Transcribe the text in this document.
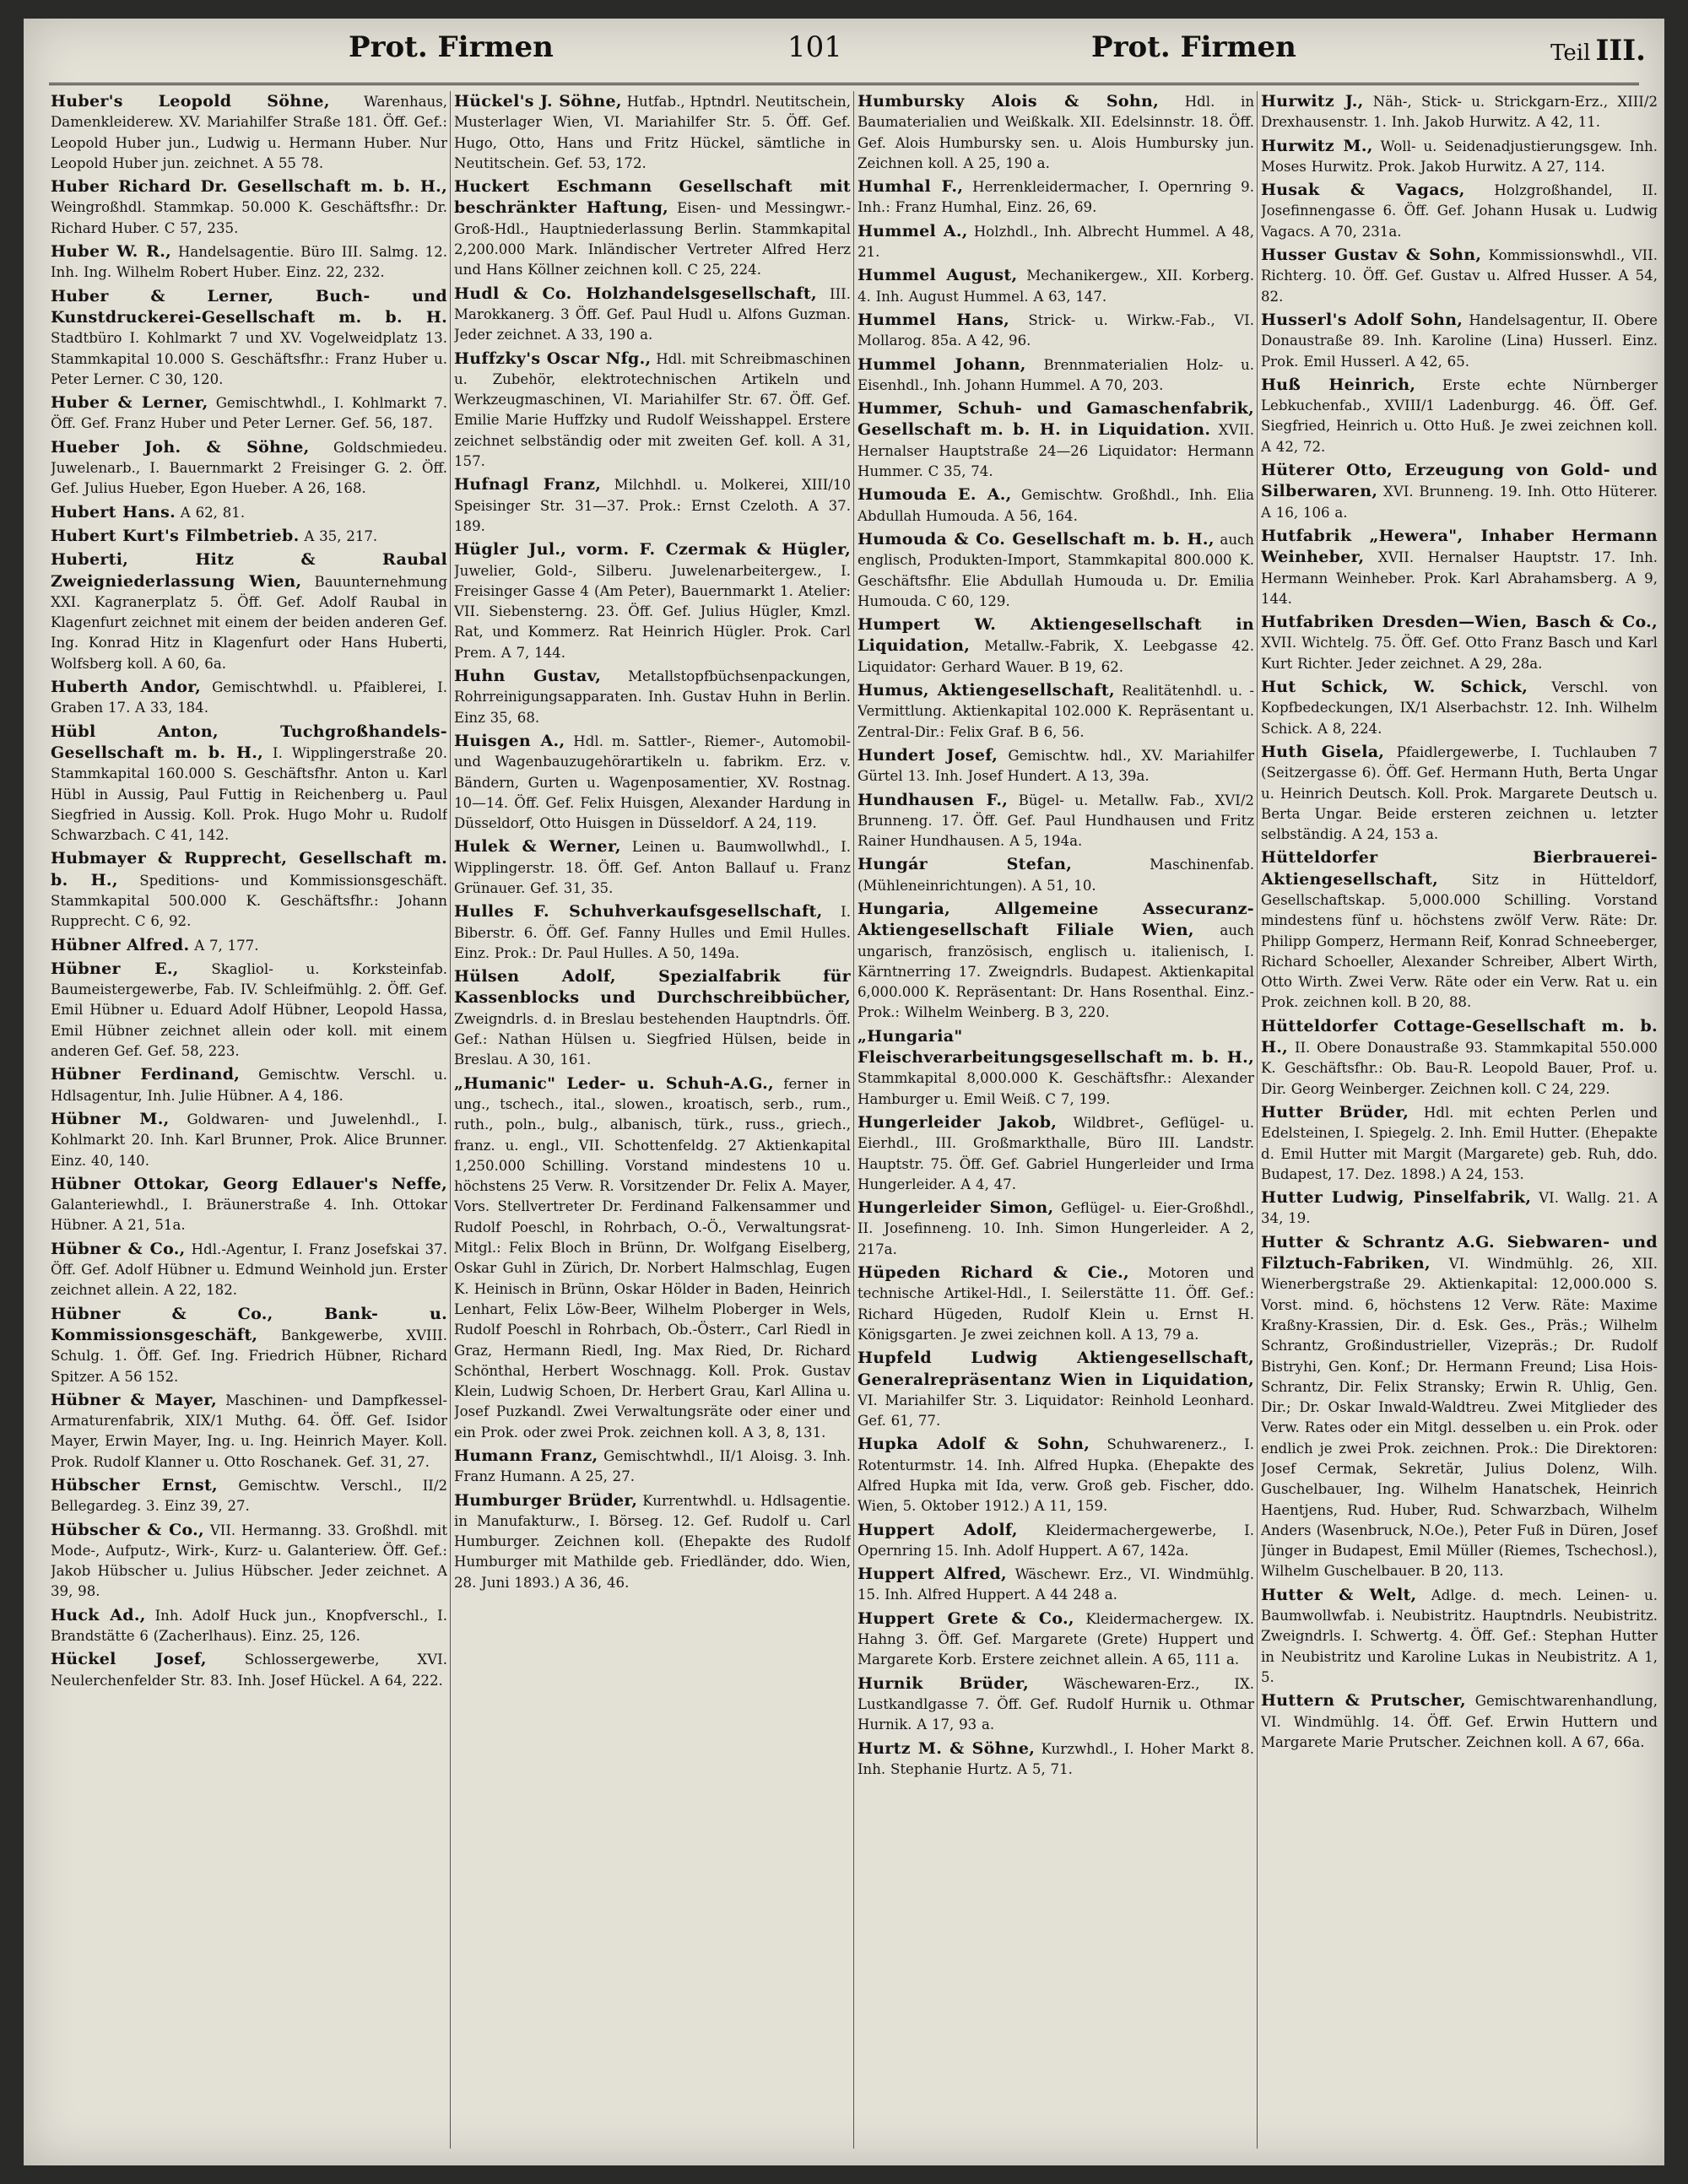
Prot. Firmen	101	Prot. Firmen	Teil III.

Huber's Leopold Söhne, Warenhaus, Damenkleiderew. XV. Mariahilfer Straße 181. Öff. Gef.: Leopold Huber jun., Ludwig u. Hermann Huber. Nur Leopold Huber jun. zeichnet. A 55 78.

Huber Richard Dr. Gesellschaft m. b. H., Weingroßhdl. Stammkap. 50.000 K. Geschäftsfhr.: Dr. Richard Huber. C 57, 235.

Huber W. R., Handelsagentie. Büro III. Salmg. 12. Inh. Ing. Wilhelm Robert Huber. Einz. 22, 232.

Huber & Lerner, Buch- und Kunstdruckerei-Gesellschaft m. b. H. Stadtbüro I. Kohlmarkt 7 und XV. Vogelweidplatz 13. Stammkapital 10.000 S. Geschäftsfhr.: Franz Huber u. Peter Lerner. C 30, 120.

Huber & Lerner, Gemischtwhdl., I. Kohlmarkt 7. Öff. Gef. Franz Huber und Peter Lerner. Gef. 56, 187.

Hueber Joh. & Söhne, Goldschmiedeu. Juwelenarb., I. Bauernmarkt 2 Freisinger G. 2. Öff. Gef. Julius Hueber, Egon Hueber. A 26, 168.

Hubert Hans. A 62, 81.

Hubert Kurt's Filmbetrieb. A 35, 217.

Huberti, Hitz & Raubal Zweigniederlassung Wien, Bauunternehmung XXI. Kagranerplatz 5. Öff. Gef. Adolf Raubal in Klagenfurt zeichnet mit einem der beiden anderen Gef. Ing. Konrad Hitz in Klagenfurt oder Hans Huberti, Wolfsberg koll. A 60, 6a.

Huberth Andor, Gemischtwhdl. u. Pfaiblerei, I. Graben 17. A 33, 184.

Hübl Anton, Tuchgroßhandels-Gesellschaft m. b. H., I. Wipplingerstraße 20. Stammkapital 160.000 S. Geschäftsfhr. Anton u. Karl Hübl in Aussig, Paul Futtig in Reichenberg u. Paul Siegfried in Aussig. Koll. Prok. Hugo Mohr u. Rudolf Schwarzbach. C 41, 142.

Hubmayer & Rupprecht, Gesellschaft m. b. H., Speditions- und Kommissionsgeschäft. Stammkapital 500.000 K. Geschäftsfhr.: Johann Rupprecht. C 6, 92.

Hübner Alfred. A 7, 177.

Hübner E., Skagliol- u. Korksteinfab. Baumeistergewerbe, Fab. IV. Schleifmühlg. 2. Öff. Gef. Emil Hübner u. Eduard Adolf Hübner, Leopold Hassa, Emil Hübner zeichnet allein oder koll. mit einem anderen Gef. Gef. 58, 223.

Hübner Ferdinand, Gemischtw. Verschl. u. Hdlsagentur, Inh. Julie Hübner. A 4, 186.

Hübner M., Goldwaren- und Juwelenhdl., I. Kohlmarkt 20. Inh. Karl Brunner, Prok. Alice Brunner. Einz. 40, 140.

Hübner Ottokar, Georg Edlauer's Neffe, Galanteriewhdl., I. Bräunerstraße 4. Inh. Ottokar Hübner. A 21, 51a.

Hübner & Co., Hdl.-Agentur, I. Franz Josefskai 37. Öff. Gef. Adolf Hübner u. Edmund Weinhold jun. Erster zeichnet allein. A 22, 182.

Hübner & Co., Bank- u. Kommissionsgeschäft, Bankgewerbe, XVIII. Schulg. 1. Öff. Gef. Ing. Friedrich Hübner, Richard Spitzer. A 56 152.

Hübner & Mayer, Maschinen- und Dampfkessel-Armaturenfabrik, XIX/1 Muthg. 64. Öff. Gef. Isidor Mayer, Erwin Mayer, Ing. u. Ing. Heinrich Mayer. Koll. Prok. Rudolf Klanner u. Otto Roschanek. Gef. 31, 27.

Hübscher Ernst, Gemischtw. Verschl., II/2 Bellegardeg. 3. Einz 39, 27.

Hübscher & Co., VII. Hermanng. 33. Großhdl. mit Mode-, Aufputz-, Wirk-, Kurz- u. Galanteriew. Öff. Gef.: Jakob Hübscher u. Julius Hübscher. Jeder zeichnet. A 39, 98.

Huck Ad., Inh. Adolf Huck jun., Knopfverschl., I. Brandstätte 6 (Zacherlhaus). Einz. 25, 126.

Hückel Josef, Schlossergewerbe, XVI. Neulerchenfelder Str. 83. Inh. Josef Hückel. A 64, 222.

Hückel's J. Söhne, Hutfab., Hptndrl. Neutitschein, Musterlager Wien, VI. Mariahilfer Str. 5. Öff. Gef. Hugo, Otto, Hans und Fritz Hückel, sämtliche in Neutitschein. Gef. 53, 172.

Huckert Eschmann Gesellschaft mit beschränkter Haftung, Eisen- und Messingwr.-Groß-Hdl., Hauptniederlassung Berlin. Stammkapital 2,200.000 Mark. Inländischer Vertreter Alfred Herz und Hans Köllner zeichnen koll. C 25, 224.

Hudl & Co. Holzhandelsgesellschaft, III. Marokkanerg. 3 Öff. Gef. Paul Hudl u. Alfons Guzman. Jeder zeichnet. A 33, 190 a.

Huffzky's Oscar Nfg., Hdl. mit Schreibmaschinen u. Zubehör, elektrotechnischen Artikeln und Werkzeugmaschinen, VI. Mariahilfer Str. 67. Öff. Gef. Emilie Marie Huffzky und Rudolf Weisshappel. Erstere zeichnet selbständig oder mit zweiten Gef. koll. A 31, 157.

Hufnagl Franz, Milchhdl. u. Molkerei, XIII/10 Speisinger Str. 31—37. Prok.: Ernst Czeloth. A 37. 189.

Hügler Jul., vorm. F. Czermak & Hügler, Juwelier, Gold-, Silberu. Juwelenarbeitergew., I. Freisinger Gasse 4 (Am Peter), Bauernmarkt 1. Atelier: VII. Siebensterng. 23. Öff. Gef. Julius Hügler, Kmzl. Rat, und Kommerz. Rat Heinrich Hügler. Prok. Carl Prem. A 7, 144.

Huhn Gustav, Metallstopfbüchsenpackungen, Rohrreinigungsapparaten. Inh. Gustav Huhn in Berlin. Einz 35, 68.

Huisgen A., Hdl. m. Sattler-, Riemer-, Automobil- und Wagenbauzugehörartikeln u. fabrikm. Erz. v. Bändern, Gurten u. Wagenposamentier, XV. Rostnag. 10—14. Öff. Gef. Felix Huisgen, Alexander Hardung in Düsseldorf, Otto Huisgen in Düsseldorf. A 24, 119.

Hulek & Werner, Leinen u. Baumwollwhdl., I. Wipplingerstr. 18. Öff. Gef. Anton Ballauf u. Franz Grünauer. Gef. 31, 35.

Hulles F. Schuhverkaufsgesellschaft, I. Biberstr. 6. Öff. Gef. Fanny Hulles und Emil Hulles. Einz. Prok.: Dr. Paul Hulles. A 50, 149a.

Hülsen Adolf, Spezialfabrik für Kassenblocks und Durchschreibbücher, Zweigndrls. d. in Breslau bestehenden Hauptndrls. Öff. Gef.: Nathan Hülsen u. Siegfried Hülsen, beide in Breslau. A 30, 161.

„Humanic" Leder- u. Schuh-A.G., ferner in ung., tschech., ital., slowen., kroatisch, serb., rum., ruth., poln., bulg., albanisch, türk., russ., griech., franz. u. engl., VII. Schottenfeldg. 27 Aktienkapital 1,250.000 Schilling. Vorstand mindestens 10 u. höchstens 25 Verw. R. Vorsitzender Dr. Felix A. Mayer, Vors. Stellvertreter Dr. Ferdinand Falkensammer und Rudolf Poeschl, in Rohrbach, O.-Ö., Verwaltungsrat-Mitgl.: Felix Bloch in Brünn, Dr. Wolfgang Eiselberg, Oskar Guhl in Zürich, Dr. Norbert Halmschlag, Eugen K. Heinisch in Brünn, Oskar Hölder in Baden, Heinrich Lenhart, Felix Löw-Beer, Wilhelm Ploberger in Wels, Rudolf Poeschl in Rohrbach, Ob.-Österr., Carl Riedl in Graz, Hermann Riedl, Ing. Max Ried, Dr. Richard Schönthal, Herbert Woschnagg. Koll. Prok. Gustav Klein, Ludwig Schoen, Dr. Herbert Grau, Karl Allina u. Josef Puzkandl. Zwei Verwaltungsräte oder einer und ein Prok. oder zwei Prok. zeichnen koll. A 3, 8, 131.

Humann Franz, Gemischtwhdl., II/1 Aloisg. 3. Inh. Franz Humann. A 25, 27.

Humburger Brüder, Kurrentwhdl. u. Hdlsagentie. in Manufakturw., I. Börseg. 12. Gef. Rudolf u. Carl Humburger. Zeichnen koll. (Ehepakte des Rudolf Humburger mit Mathilde geb. Friedländer, ddo. Wien, 28. Juni 1893.) A 36, 46.

Humbursky Alois & Sohn, Hdl. in Baumaterialien und Weißkalk. XII. Edelsinnstr. 18. Öff. Gef. Alois Humbursky sen. u. Alois Humbursky jun. Zeichnen koll. A 25, 190 a.

Humhal F., Herrenkleidermacher, I. Opernring 9. Inh.: Franz Humhal, Einz. 26, 69.

Hummel A., Holzhdl., Inh. Albrecht Hummel. A 48, 21.

Hummel August, Mechanikergew., XII. Korberg. 4. Inh. August Hummel. A 63, 147.

Hummel Hans, Strick- u. Wirkw.-Fab., VI. Mollarog. 85a. A 42, 96.

Hummel Johann, Brennmaterialien Holz- u. Eisenhdl., Inh. Johann Hummel. A 70, 203.

Hummer, Schuh- und Gamaschenfabrik, Gesellschaft m. b. H. in Liquidation. XVII. Hernalser Hauptstraße 24—26 Liquidator: Hermann Hummer. C 35, 74.

Humouda E. A., Gemischtw. Großhdl., Inh. Elia Abdullah Humouda. A 56, 164.

Humouda & Co. Gesellschaft m. b. H., auch englisch, Produkten-Import, Stammkapital 800.000 K. Geschäftsfhr. Elie Abdullah Humouda u. Dr. Emilia Humouda. C 60, 129.

Humpert W. Aktiengesellschaft in Liquidation, Metallw.-Fabrik, X. Leebgasse 42. Liquidator: Gerhard Wauer. B 19, 62.

Humus, Aktiengesellschaft, Realitätenhdl. u. -Vermittlung. Aktienkapital 102.000 K. Repräsentant u. Zentral-Dir.: Felix Graf. B 6, 56.

Hundert Josef, Gemischtw. hdl., XV. Mariahilfer Gürtel 13. Inh. Josef Hundert. A 13, 39a.

Hundhausen F., Bügel- u. Metallw. Fab., XVI/2 Brunneng. 17. Öff. Gef. Paul Hundhausen und Fritz Rainer Hundhausen. A 5, 194a.

Hungár Stefan, Maschinenfab. (Mühleneinrichtungen). A 51, 10.

Hungaria, Allgemeine Assecuranz-Aktiengesellschaft Filiale Wien, auch ungarisch, französisch, englisch u. italienisch, I. Kärntnerring 17. Zweigndrls. Budapest. Aktienkapital 6,000.000 K. Repräsentant: Dr. Hans Rosenthal. Einz.-Prok.: Wilhelm Weinberg. B 3, 220.

„Hungaria" Fleischverarbeitungsgesellschaft m. b. H., Stammkapital 8,000.000 K. Geschäftsfhr.: Alexander Hamburger u. Emil Weiß. C 7, 199.

Hungerleider Jakob, Wildbret-, Geflügel- u. Eierhdl., III. Großmarkthalle, Büro III. Landstr. Hauptstr. 75. Öff. Gef. Gabriel Hungerleider und Irma Hungerleider. A 4, 47.

Hungerleider Simon, Geflügel- u. Eier-Großhdl., II. Josefinneng. 10. Inh. Simon Hungerleider. A 2, 217a.

Hüpeden Richard & Cie., Motoren und technische Artikel-Hdl., I. Seilerstätte 11. Öff. Gef.: Richard Hügeden, Rudolf Klein u. Ernst H. Königsgarten. Je zwei zeichnen koll. A 13, 79 a.

Hupfeld Ludwig Aktiengesellschaft, Generalrepräsentanz Wien in Liquidation, VI. Mariahilfer Str. 3. Liquidator: Reinhold Leonhard. Gef. 61, 77.

Hupka Adolf & Sohn, Schuhwarenerz., I. Rotenturmstr. 14. Inh. Alfred Hupka. (Ehepakte des Alfred Hupka mit Ida, verw. Groß geb. Fischer, ddo. Wien, 5. Oktober 1912.) A 11, 159.

Huppert Adolf, Kleidermachergewerbe, I. Opernring 15. Inh. Adolf Huppert. A 67, 142a.

Huppert Alfred, Wäschewr. Erz., VI. Windmühlg. 15. Inh. Alfred Huppert. A 44 248 a.

Huppert Grete & Co., Kleidermachergew. IX. Hahng 3. Öff. Gef. Margarete (Grete) Huppert und Margarete Korb. Erstere zeichnet allein. A 65, 111 a.

Hurnik Brüder, Wäschewaren-Erz., IX. Lustkandlgasse 7. Öff. Gef. Rudolf Hurnik u. Othmar Hurnik. A 17, 93 a.

Hurtz M. & Söhne, Kurzwhdl., I. Hoher Markt 8. Inh. Stephanie Hurtz. A 5, 71.

Hurwitz J., Näh-, Stick- u. Strickgarn-Erz., XIII/2 Drexhausenstr. 1. Inh. Jakob Hurwitz. A 42, 11.

Hurwitz M., Woll- u. Seidenadjustierungsgew. Inh. Moses Hurwitz. Prok. Jakob Hurwitz. A 27, 114.

Husak & Vagacs, Holzgroßhandel, II. Josefinnengasse 6. Öff. Gef. Johann Husak u. Ludwig Vagacs. A 70, 231a.

Husser Gustav & Sohn, Kommissionswhdl., VII. Richterg. 10. Öff. Gef. Gustav u. Alfred Husser. A 54, 82.

Husserl's Adolf Sohn, Handelsagentur, II. Obere Donaustraße 89. Inh. Karoline (Lina) Husserl. Einz. Prok. Emil Husserl. A 42, 65.

Huß Heinrich, Erste echte Nürnberger Lebkuchenfab., XVIII/1 Ladenburgg. 46. Öff. Gef. Siegfried, Heinrich u. Otto Huß. Je zwei zeichnen koll. A 42, 72.

Hüterer Otto, Erzeugung von Gold- und Silberwaren, XVI. Brunneng. 19. Inh. Otto Hüterer. A 16, 106 a.

Hutfabrik „Hewera", Inhaber Hermann Weinheber, XVII. Hernalser Hauptstr. 17. Inh. Hermann Weinheber. Prok. Karl Abrahamsberg. A 9, 144.

Hutfabriken Dresden—Wien, Basch & Co., XVII. Wichtelg. 75. Öff. Gef. Otto Franz Basch und Karl Kurt Richter. Jeder zeichnet. A 29, 28a.

Hut Schick, W. Schick, Verschl. von Kopfbedeckungen, IX/1 Alserbachstr. 12. Inh. Wilhelm Schick. A 8, 224.

Huth Gisela, Pfaidlergewerbe, I. Tuchlauben 7 (Seitzergasse 6). Öff. Gef. Hermann Huth, Berta Ungar u. Heinrich Deutsch. Koll. Prok. Margarete Deutsch u. Berta Ungar. Beide ersteren zeichnen u. letzter selbständig. A 24, 153 a.

Hütteldorfer Bierbrauerei-Aktiengesellschaft, Sitz in Hütteldorf, Gesellschaftskap. 5,000.000 Schilling. Vorstand mindestens fünf u. höchstens zwölf Verw. Räte: Dr. Philipp Gomperz, Hermann Reif, Konrad Schneeberger, Richard Schoeller, Alexander Schreiber, Albert Wirth, Otto Wirth. Zwei Verw. Räte oder ein Verw. Rat u. ein Prok. zeichnen koll. B 20, 88.

Hütteldorfer Cottage-Gesellschaft m. b. H., II. Obere Donaustraße 93. Stammkapital 550.000 K. Geschäftsfhr.: Ob. Bau-R. Leopold Bauer, Prof. u. Dir. Georg Weinberger. Zeichnen koll. C 24, 229.

Hutter Brüder, Hdl. mit echten Perlen und Edelsteinen, I. Spiegelg. 2. Inh. Emil Hutter. (Ehepakte d. Emil Hutter mit Margit (Margarete) geb. Ruh, ddo. Budapest, 17. Dez. 1898.) A 24, 153.

Hutter Ludwig, Pinselfabrik, VI. Wallg. 21. A 34, 19.

Hutter & Schrantz A.G. Siebwaren- und Filztuch-Fabriken, VI. Windmühlg. 26, XII. Wienerbergstraße 29. Aktienkapital: 12,000.000 S. Vorst. mind. 6, höchstens 12 Verw. Räte: Maxime Kraßny-Krassien, Dir. d. Esk. Ges., Präs.; Wilhelm Schrantz, Großindustrieller, Vizepräs.; Dr. Rudolf Bistryhi, Gen. Konf.; Dr. Hermann Freund; Lisa Hois-Schrantz, Dir. Felix Stransky; Erwin R. Uhlig, Gen. Dir.; Dr. Oskar Inwald-Waldtreu. Zwei Mitglieder des Verw. Rates oder ein Mitgl. desselben u. ein Prok. oder endlich je zwei Prok. zeichnen. Prok.: Die Direktoren: Josef Cermak, Sekretär, Julius Dolenz, Wilh. Guschelbauer, Ing. Wilhelm Hanatschek, Heinrich Haentjens, Rud. Huber, Rud. Schwarzbach, Wilhelm Anders (Wasenbruck, N.Oe.), Peter Fuß in Düren, Josef Jünger in Budapest, Emil Müller (Riemes, Tschechosl.), Wilhelm Guschelbauer. B 20, 113.

Hutter & Welt, Adlge. d. mech. Leinen- u. Baumwollwfab. i. Neubistritz. Hauptndrls. Neubistritz. Zweigndrls. I. Schwertg. 4. Öff. Gef.: Stephan Hutter in Neubistritz und Karoline Lukas in Neubistritz. A 1, 5.

Huttern & Prutscher, Gemischtwarenhandlung, VI. Windmühlg. 14. Öff. Gef. Erwin Huttern und Margarete Marie Prutscher. Zeichnen koll. A 67, 66a.
